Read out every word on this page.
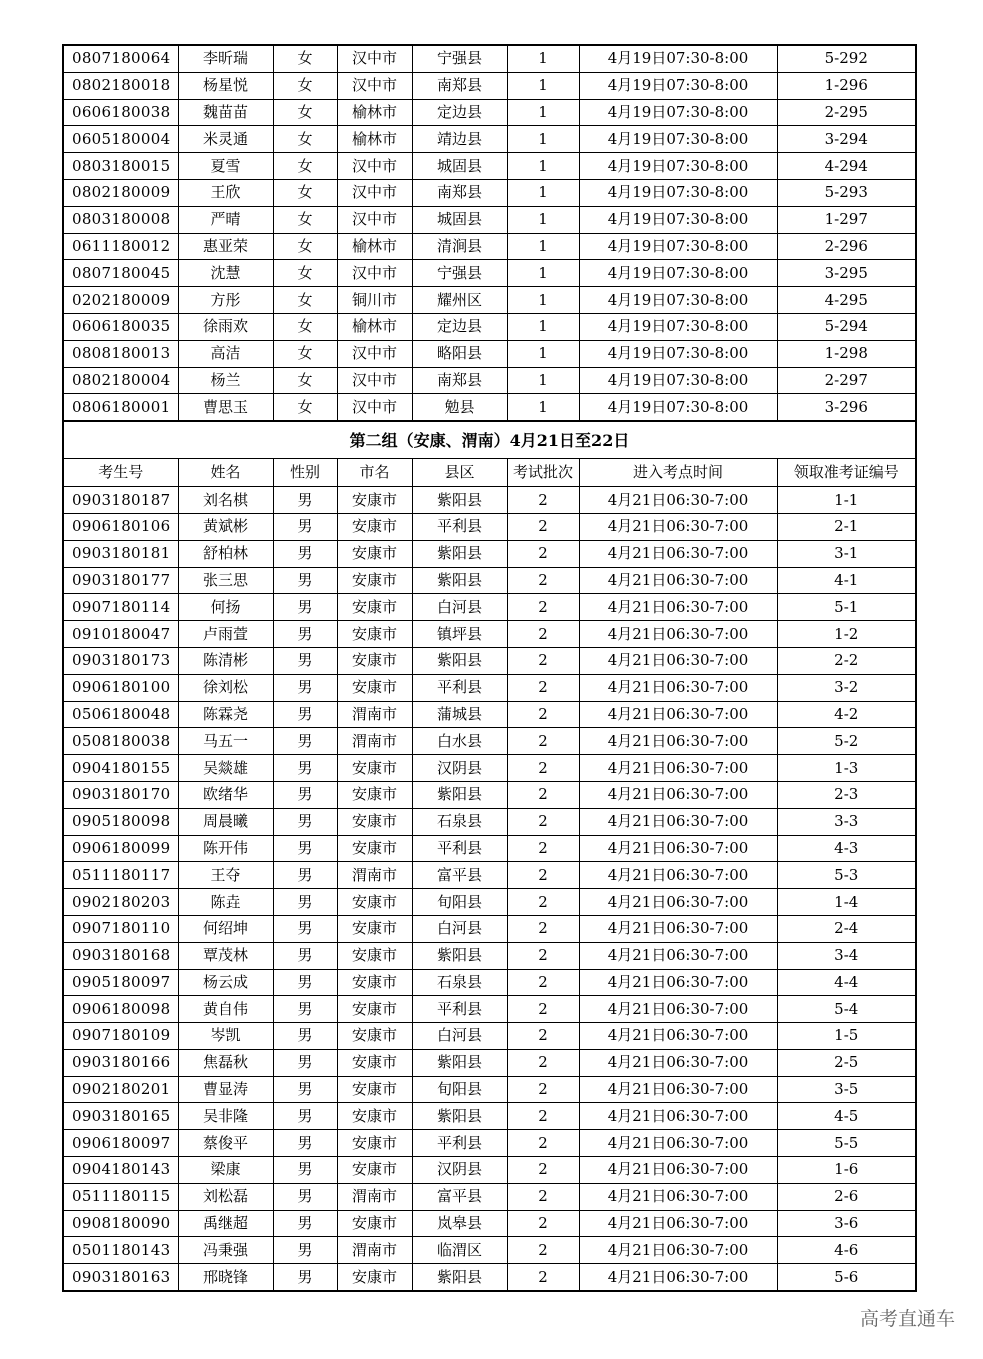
0807180064	李昕瑞	女	汉中市	宁强县	1	4月19日07:30-8:00	5-292
0802180018	杨星悦	女	汉中市	南郑县	1	4月19日07:30-8:00	1-296
0606180038	魏苗苗	女	榆林市	定边县	1	4月19日07:30-8:00	2-295
0605180004	米灵通	女	榆林市	靖边县	1	4月19日07:30-8:00	3-294
0803180015	夏雪	女	汉中市	城固县	1	4月19日07:30-8:00	4-294
0802180009	王欣	女	汉中市	南郑县	1	4月19日07:30-8:00	5-293
0803180008	严晴	女	汉中市	城固县	1	4月19日07:30-8:00	1-297
0611180012	惠亚荣	女	榆林市	清涧县	1	4月19日07:30-8:00	2-296
0807180045	沈慧	女	汉中市	宁强县	1	4月19日07:30-8:00	3-295
0202180009	方彤	女	铜川市	耀州区	1	4月19日07:30-8:00	4-295
0606180035	徐雨欢	女	榆林市	定边县	1	4月19日07:30-8:00	5-294
0808180013	高洁	女	汉中市	略阳县	1	4月19日07:30-8:00	1-298
0802180004	杨兰	女	汉中市	南郑县	1	4月19日07:30-8:00	2-297
0806180001	曹思玉	女	汉中市	勉县	1	4月19日07:30-8:00	3-296
第二组（安康、渭南）4月21日至22日							
考生号	姓名	性别	市名	县区	考试批次	进入考点时间	领取准考证编号
0903180187	刘名棋	男	安康市	紫阳县	2	4月21日06:30-7:00	1-1
0906180106	黄斌彬	男	安康市	平利县	2	4月21日06:30-7:00	2-1
0903180181	舒柏林	男	安康市	紫阳县	2	4月21日06:30-7:00	3-1
0903180177	张三思	男	安康市	紫阳县	2	4月21日06:30-7:00	4-1
0907180114	何扬	男	安康市	白河县	2	4月21日06:30-7:00	5-1
0910180047	卢雨萱	男	安康市	镇坪县	2	4月21日06:30-7:00	1-2
0903180173	陈清彬	男	安康市	紫阳县	2	4月21日06:30-7:00	2-2
0906180100	徐刘松	男	安康市	平利县	2	4月21日06:30-7:00	3-2
0506180048	陈霖尧	男	渭南市	蒲城县	2	4月21日06:30-7:00	4-2
0508180038	马五一	男	渭南市	白水县	2	4月21日06:30-7:00	5-2
0904180155	吴燚雄	男	安康市	汉阴县	2	4月21日06:30-7:00	1-3
0903180170	欧绪华	男	安康市	紫阳县	2	4月21日06:30-7:00	2-3
0905180098	周晨曦	男	安康市	石泉县	2	4月21日06:30-7:00	3-3
0906180099	陈开伟	男	安康市	平利县	2	4月21日06:30-7:00	4-3
0511180117	王夺	男	渭南市	富平县	2	4月21日06:30-7:00	5-3
0902180203	陈垚	男	安康市	旬阳县	2	4月21日06:30-7:00	1-4
0907180110	何绍坤	男	安康市	白河县	2	4月21日06:30-7:00	2-4
0903180168	覃茂林	男	安康市	紫阳县	2	4月21日06:30-7:00	3-4
0905180097	杨云成	男	安康市	石泉县	2	4月21日06:30-7:00	4-4
0906180098	黄自伟	男	安康市	平利县	2	4月21日06:30-7:00	5-4
0907180109	岑凯	男	安康市	白河县	2	4月21日06:30-7:00	1-5
0903180166	焦磊秋	男	安康市	紫阳县	2	4月21日06:30-7:00	2-5
0902180201	曹显涛	男	安康市	旬阳县	2	4月21日06:30-7:00	3-5
0903180165	吴非隆	男	安康市	紫阳县	2	4月21日06:30-7:00	4-5
0906180097	蔡俊平	男	安康市	平利县	2	4月21日06:30-7:00	5-5
0904180143	梁康	男	安康市	汉阴县	2	4月21日06:30-7:00	1-6
0511180115	刘松磊	男	渭南市	富平县	2	4月21日06:30-7:00	2-6
0908180090	禹继超	男	安康市	岚皋县	2	4月21日06:30-7:00	3-6
0501180143	冯秉强	男	渭南市	临渭区	2	4月21日06:30-7:00	4-6
0903180163	邢晓锋	男	安康市	紫阳县	2	4月21日06:30-7:00	5-6
高考直通车
